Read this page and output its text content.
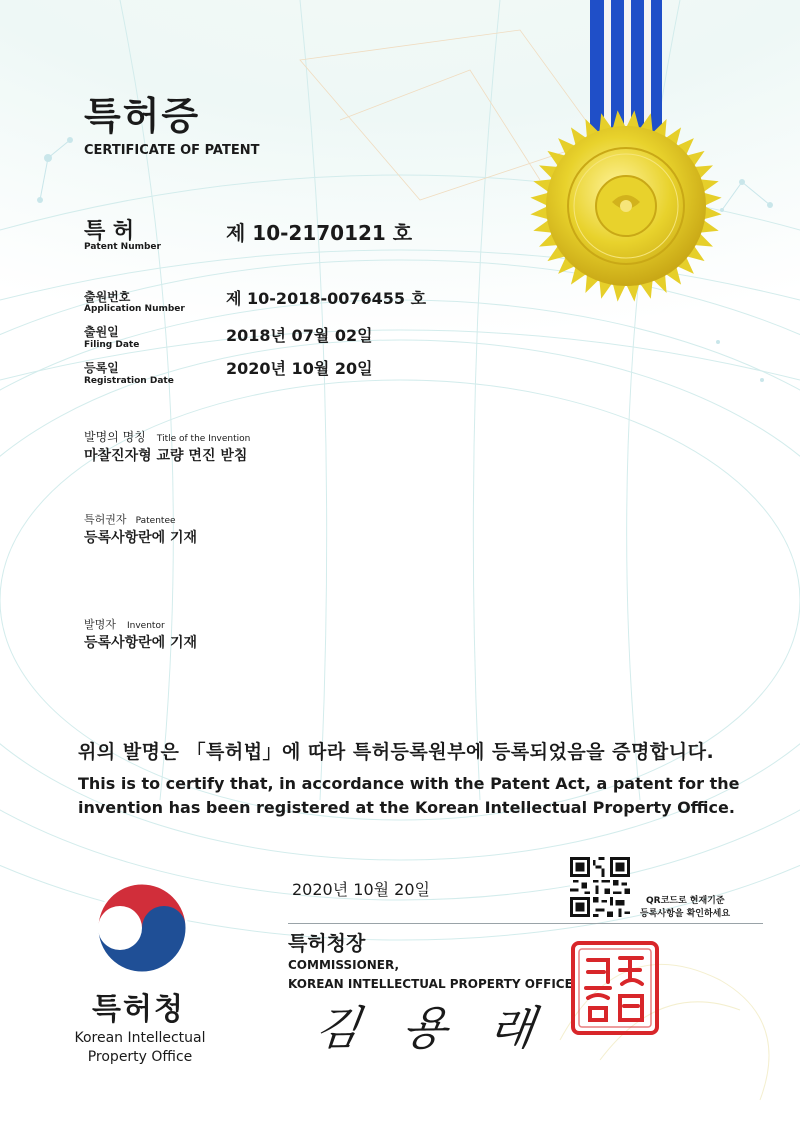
특허증
CERTIFICATE OF PATENT
특 허
Patent Number
제 10-2170121 호
출원번호
Application Number
제 10-2018-0076455 호
출원일
Filing Date	2018년 07월 02일
등록일
Registration Date
2020년 10월 20일
발명의 명칭 Title of the Invention
마찰진자형 교량 면진 받침
특허권자 Patentee
등록사항란에 기재
발명자 Inventor
등록사항란에 기재
위의 발명은 「특허법」에 따라 특허등록원부에 등록되었음을 증명합니다.
This is to certify that, in accordance with the Patent Act, a patent for the
invention has been registered at the Korean Intellectual Property Office.
2020년 10월 20일
QR코드로 현재기준
등록사항을 확인하세요
특허청장
COMMISSIONER,
KOREAN INTELLECTUAL PROPERTY OFFICE
김 용 래
특허청
Korean Intellectual
Property Office
